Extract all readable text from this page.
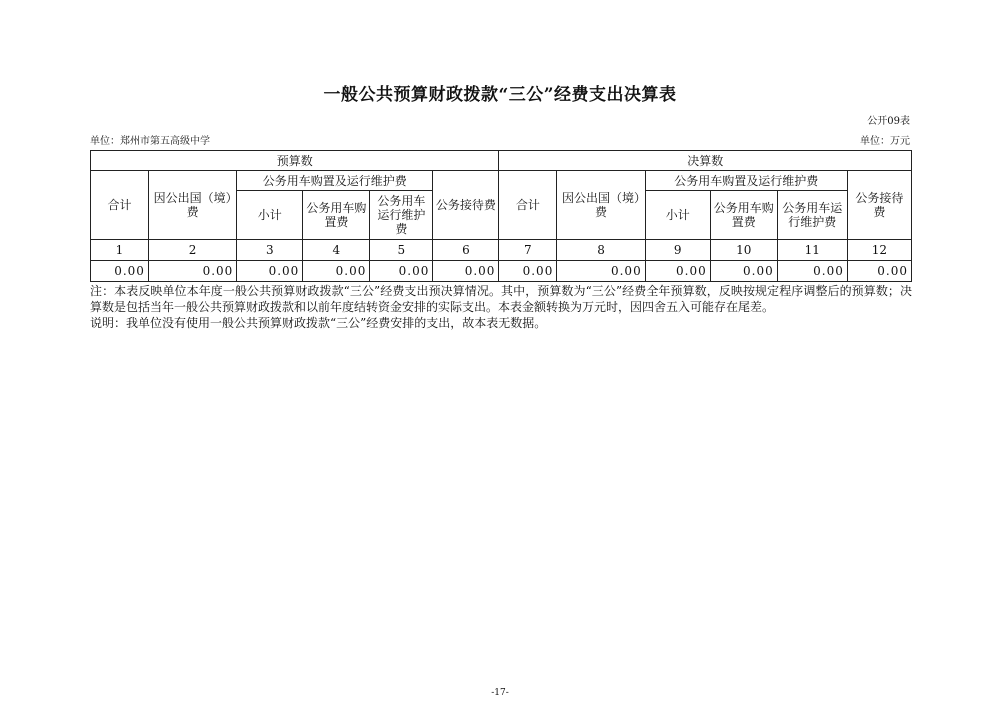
一般公共预算财政拨款“三公”经费支出决算表
公开09表
单位：郑州市第五高级中学	单位：万元
预算数						决算数					
合计	因公出国（境）费	公务用车购置及运行维护费			公务接待费	合计	因公出国（境）费	公务用车购置及运行维护费			公务接待费
		小计	公务用车购置费	公务用车运行维护费				小计	公务用车购置费	公务用车运行维护费	
1	2	3	4	5	6	7	8	9	10	11	12
0.00	0.00	0.00	0.00	0.00	0.00	0.00	0.00	0.00	0.00	0.00	0.00

注：本表反映单位本年度一般公共预算财政拨款“三公”经费支出预决算情况。其中，预算数为“三公”经费全年预算数，反映按规定程序调整后的预算数；决算数是包括当年一般公共预算财政拨款和以前年度结转资金安排的实际支出。本表金额转换为万元时，因四舍五入可能存在尾差。

说明：我单位没有使用一般公共预算财政拨款“三公”经费安排的支出，故本表无数据。

-17-
